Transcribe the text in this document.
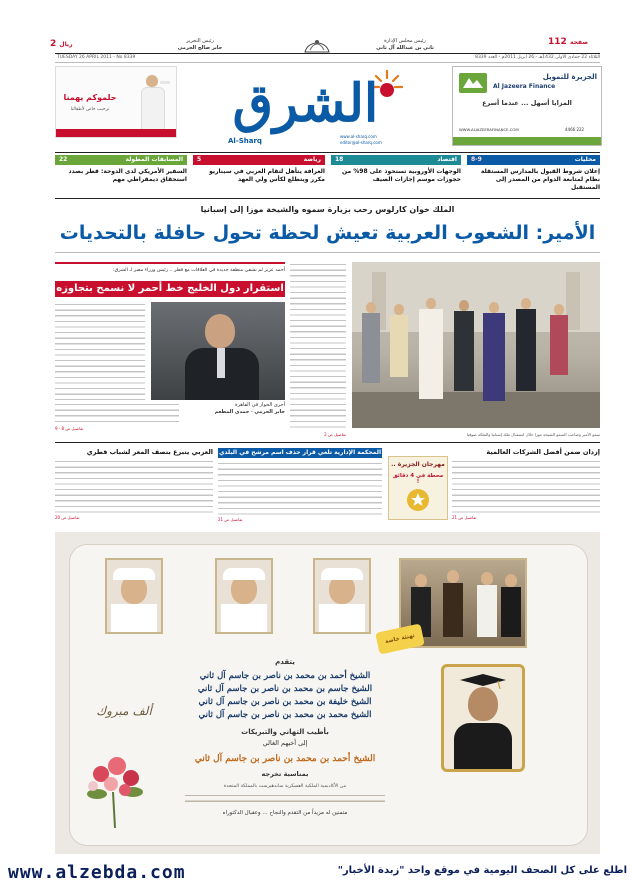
2 ريال	رئيس التحرير
جابر صالح الحرمي
رئيس مجلس الإدارة
ثاني بن عبدالله آل ثاني
112 صفحة
TUESDAY 26 APRIL 2011 - No 8339	الثلاثاء 22 جمادى الأولى 1432هـ - 26 أبريل 2011م - العدد 8339
حلموكم يهمنا
ترحيب خاص لأطفالنا	الشرق
Al-Sharq
www.al-sharq.com
editor@al-sharq.com
الجزيرة للتمويل
Al Jazeera Finance
المزايا أسهل ... عندما أسرع
WWW.ALJAZEERAFINANCE.COM	4466 222
محليات
8-9
إعلان شروط القبول بالمدارس المستقلة نظام لمتابعة الدوام من المصدر إلى المستقبل
اقتصاد
18
الوجهات الأوروبية تستحوذ على 98% من حجوزات موسم إجازات الصيف
رياضة
5
الغرافة يتأهل لتقام العربي في سيناريو مكرر ويتطلع لكأس ولي العهد
المسابقات المطولة
22
السفير الأمريكي لدى الدوحة: قطر بصدد استحقاق ديمقراطي مهم
الملك خوان كارلوس رحب بزيارة سموه والشيخة موزا إلى إسبانيا
الأمير: الشعوب العربية تعيش لحظة تحول حافلة بالتحديات
سمو الأمير وصاحب السمو الشيخة موزا خلال استقبال ملك إسبانيا والملكة صوفيا
تفاصيل ص 2
أحمد عزيز لم تشفي منطقة جديدة في العلاقات مع قطر .. رئيس وزراء مصر لـ الشرق:
استقرار دول الخليج خط أحمر لا نسمح بتجاوزه
أجرى الحوار في القاهرة
جابر الحرمي - حمدي المطعم
تفاصيل ص 8 - 9
إزدان ضمن أفضل الشركات العالمية
تفاصيل ص 21
مهرجان الجزيرة ..
محطة في 4 دقائق !
المحكمة الإدارية تلغي قرار حذف اسم مرشح في البلدي
تفاصيل ص 21
العربي يتبرع بنصف المعر لشباب قطري
تفاصيل ص 20
تهنئة خاصة
يتقدم
الشيخ أحمد بن محمد بن ناصر بن جاسم آل ثاني
الشيخ جاسم بن محمد بن ناصر بن جاسم آل ثاني
الشيخ خليفة بن محمد بن ناصر بن جاسم آل ثاني
الشيخ محمد بن محمد بن ناصر بن جاسم آل ثاني
بأطيب التهاني والتبريكات
إلى أخيهم الغالي
الشيخ أحمد بن محمد بن ناصر بن جاسم آل ثاني
بمناسبة تخرجه
من الأكاديمية الملكية العسكرية ساندهيرست بالمملكة المتحدة
متمنين له مزيداً من التقدم والنجاح ... وعقبال الدكتوراه
ألف مبروك
www.alzebda.com	اطلع على كل الصحف اليومية في موقع واحد "زبدة الأخبار"
